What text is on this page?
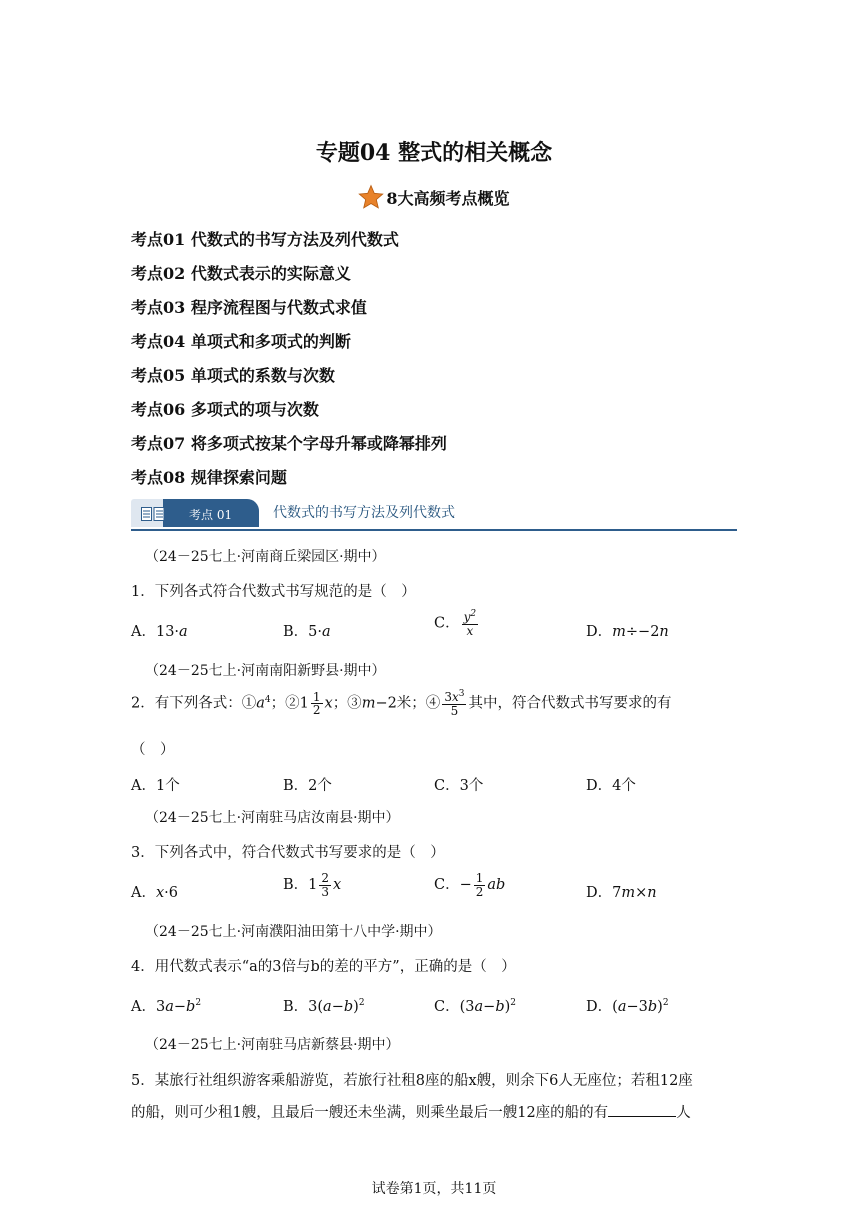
专题04 整式的相关概念
8大高频考点概览
考点01 代数式的书写方法及列代数式
考点02 代数式表示的实际意义
考点03 程序流程图与代数式求值
考点04 单项式和多项式的判断
考点05 单项式的系数与次数
考点06 多项式的项与次数
考点07 将多项式按某个字母升幂或降幂排列
考点08 规律探索问题
考点 01	代数式的书写方法及列代数式
（24－25七上·河南商丘梁园区·期中）
1．下列各式符合代数式书写规范的是（　）
A．13·a	B．5·a
C． $\frac{y^2}{x}$	D．m÷−2n
（24－25七上·河南南阳新野县·期中）
2．有下列各式：$①a^4$；②1 $\frac{1}{2}$ x；③m−2米；④ $\frac{3x^3}{5}$ 其中，符合代数式书写要求的有
（　）
A．1个	B．2个	C．3个	D．4个
（24－25七上·河南驻马店汝南县·期中）
3．下列各式中，符合代数式书写要求的是（　）
A．x·6	B．$1 \frac{2}{3}$ x	C．− $\frac{1}{2}$ ab	D．7m×n
（24－25七上·河南濮阳油田第十八中学·期中）
4．用代数式表示“a的3倍与b的差的平方”，正确的是（　）
A．$3a-b^2$	B．$3(a-b)^2$	C．$(3a-b)^2$	D．$(a-3b)^2$
（24－25七上·河南驻马店新蔡县·期中）
5．某旅行社组织游客乘船游览，若旅行社租8座的船x艘，则余下6人无座位；若租12座
的船，则可少租1艘，且最后一艘还未坐满，则乘坐最后一艘12座的船的有	人
试卷第1页，共11页
